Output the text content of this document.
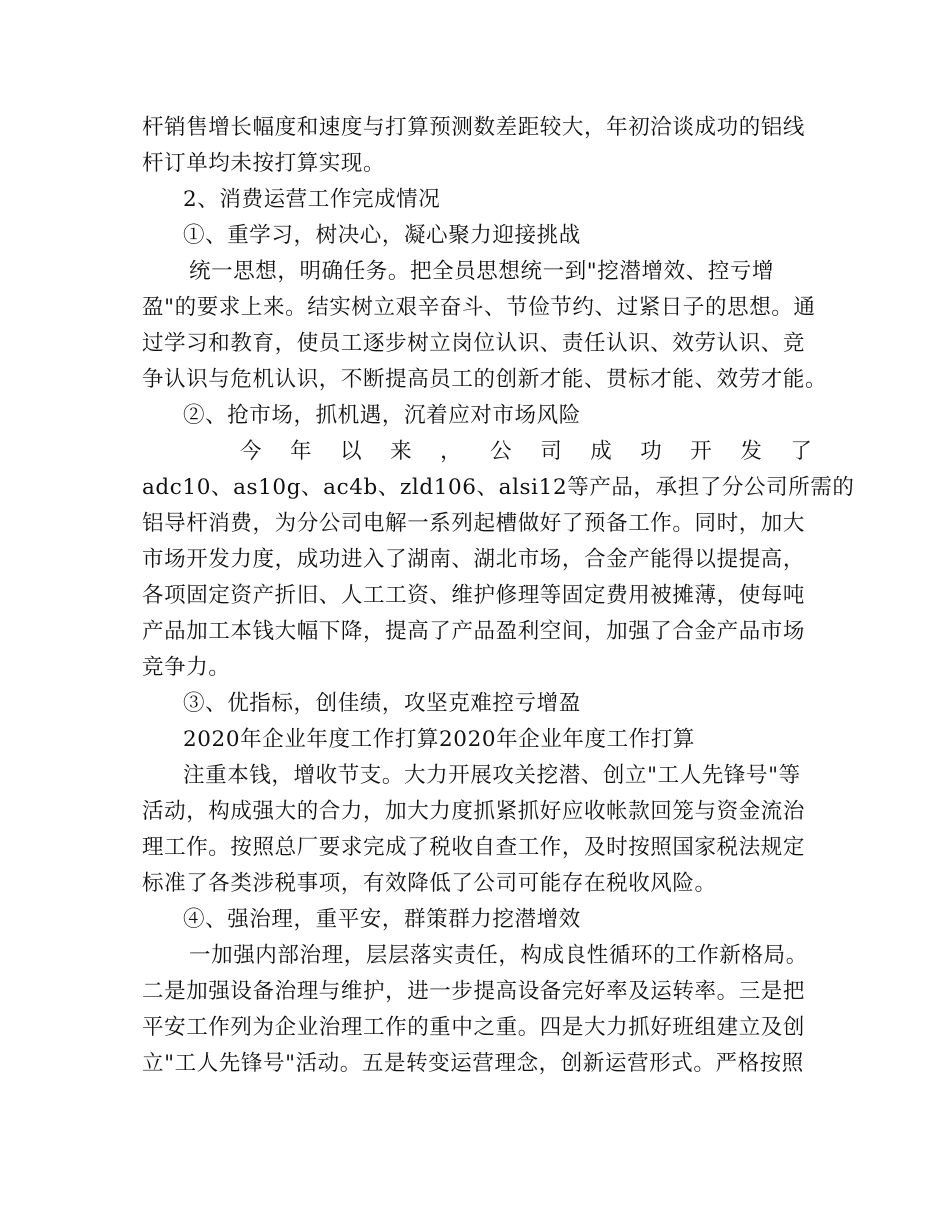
杆销售增长幅度和速度与打算预测数差距较大，年初洽谈成功的铝线
杆订单均未按打算实现。
2、消费运营工作完成情况
①、重学习，树决心，凝心聚力迎接挑战
统一思想，明确任务。把全员思想统一到"挖潜增效、控亏增
盈"的要求上来。结实树立艰辛奋斗、节俭节约、过紧日子的思想。通
过学习和教育，使员工逐步树立岗位认识、责任认识、效劳认识、竞
争认识与危机认识，不断提高员工的创新才能、贯标才能、效劳才能。
②、抢市场，抓机遇，沉着应对市场风险
今 年 以 来 ， 公 司 成 功 开 发 了
adc10、as10g、ac4b、zld106、alsi12等产品，承担了分公司所需的
铝导杆消费，为分公司电解一系列起槽做好了预备工作。同时，加大
市场开发力度，成功进入了湖南、湖北市场，合金产能得以提提高，
各项固定资产折旧、人工工资、维护修理等固定费用被摊薄，使每吨
产品加工本钱大幅下降，提高了产品盈利空间，加强了合金产品市场
竞争力。
③、优指标，创佳绩，攻坚克难控亏增盈
2020年企业年度工作打算2020年企业年度工作打算
注重本钱，增收节支。大力开展攻关挖潜、创立"工人先锋号"等
活动，构成强大的合力，加大力度抓紧抓好应收帐款回笼与资金流治
理工作。按照总厂要求完成了税收自查工作，及时按照国家税法规定
标准了各类涉税事项，有效降低了公司可能存在税收风险。
④、强治理，重平安，群策群力挖潜增效
一加强内部治理，层层落实责任，构成良性循环的工作新格局。
二是加强设备治理与维护，进一步提高设备完好率及运转率。三是把
平安工作列为企业治理工作的重中之重。四是大力抓好班组建立及创
立"工人先锋号"活动。五是转变运营理念，创新运营形式。严格按照
